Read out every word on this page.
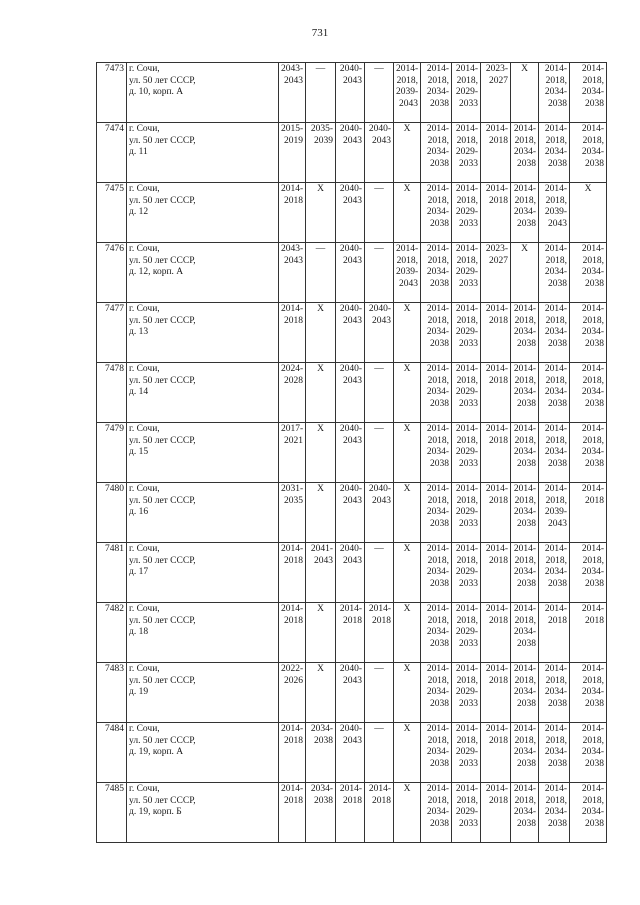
731
7473	г. Сочи,
ул. 50 лет СССР,
д. 10, корп. А	2043-
2043	—	2040-
2043	—	2014-
2018,
2039-
2043	2014-
2018,
2034-
2038	2014-
2018,
2029-
2033	2023-
2027	Х	2014-
2018,
2034-
2038	2014-
2018,
2034-
2038
7474	г. Сочи,
ул. 50 лет СССР,
д. 11	2015-
2019	2035-
2039	2040-
2043	2040-
2043	Х	2014-
2018,
2034-
2038	2014-
2018,
2029-
2033	2014-
2018	2014-
2018,
2034-
2038	2014-
2018,
2034-
2038	2014-
2018,
2034-
2038
7475	г. Сочи,
ул. 50 лет СССР,
д. 12	2014-
2018	Х	2040-
2043	—	Х	2014-
2018,
2034-
2038	2014-
2018,
2029-
2033	2014-
2018	2014-
2018,
2034-
2038	2014-
2018,
2039-
2043	Х
7476	г. Сочи,
ул. 50 лет СССР,
д. 12, корп. А	2043-
2043	—	2040-
2043	—	2014-
2018,
2039-
2043	2014-
2018,
2034-
2038	2014-
2018,
2029-
2033	2023-
2027	Х	2014-
2018,
2034-
2038	2014-
2018,
2034-
2038
7477	г. Сочи,
ул. 50 лет СССР,
д. 13	2014-
2018	Х	2040-
2043	2040-
2043	Х	2014-
2018,
2034-
2038	2014-
2018,
2029-
2033	2014-
2018	2014-
2018,
2034-
2038	2014-
2018,
2034-
2038	2014-
2018,
2034-
2038
7478	г. Сочи,
ул. 50 лет СССР,
д. 14	2024-
2028	Х	2040-
2043	—	Х	2014-
2018,
2034-
2038	2014-
2018,
2029-
2033	2014-
2018	2014-
2018,
2034-
2038	2014-
2018,
2034-
2038	2014-
2018,
2034-
2038
7479	г. Сочи,
ул. 50 лет СССР,
д. 15	2017-
2021	Х	2040-
2043	—	Х	2014-
2018,
2034-
2038	2014-
2018,
2029-
2033	2014-
2018	2014-
2018,
2034-
2038	2014-
2018,
2034-
2038	2014-
2018,
2034-
2038
7480	г. Сочи,
ул. 50 лет СССР,
д. 16	2031-
2035	Х	2040-
2043	2040-
2043	Х	2014-
2018,
2034-
2038	2014-
2018,
2029-
2033	2014-
2018	2014-
2018,
2034-
2038	2014-
2018,
2039-
2043	2014-
2018
7481	г. Сочи,
ул. 50 лет СССР,
д. 17	2014-
2018	2041-
2043	2040-
2043	—	Х	2014-
2018,
2034-
2038	2014-
2018,
2029-
2033	2014-
2018	2014-
2018,
2034-
2038	2014-
2018,
2034-
2038	2014-
2018,
2034-
2038
7482	г. Сочи,
ул. 50 лет СССР,
д. 18	2014-
2018	Х	2014-
2018	2014-
2018	Х	2014-
2018,
2034-
2038	2014-
2018,
2029-
2033	2014-
2018	2014-
2018,
2034-
2038	2014-
2018	2014-
2018
7483	г. Сочи,
ул. 50 лет СССР,
д. 19	2022-
2026	Х	2040-
2043	—	Х	2014-
2018,
2034-
2038	2014-
2018,
2029-
2033	2014-
2018	2014-
2018,
2034-
2038	2014-
2018,
2034-
2038	2014-
2018,
2034-
2038
7484	г. Сочи,
ул. 50 лет СССР,
д. 19, корп. А	2014-
2018	2034-
2038	2040-
2043	—	Х	2014-
2018,
2034-
2038	2014-
2018,
2029-
2033	2014-
2018	2014-
2018,
2034-
2038	2014-
2018,
2034-
2038	2014-
2018,
2034-
2038
7485	г. Сочи,
ул. 50 лет СССР,
д. 19, корп. Б	2014-
2018	2034-
2038	2014-
2018	2014-
2018	Х	2014-
2018,
2034-
2038	2014-
2018,
2029-
2033	2014-
2018	2014-
2018,
2034-
2038	2014-
2018,
2034-
2038	2014-
2018,
2034-
2038
